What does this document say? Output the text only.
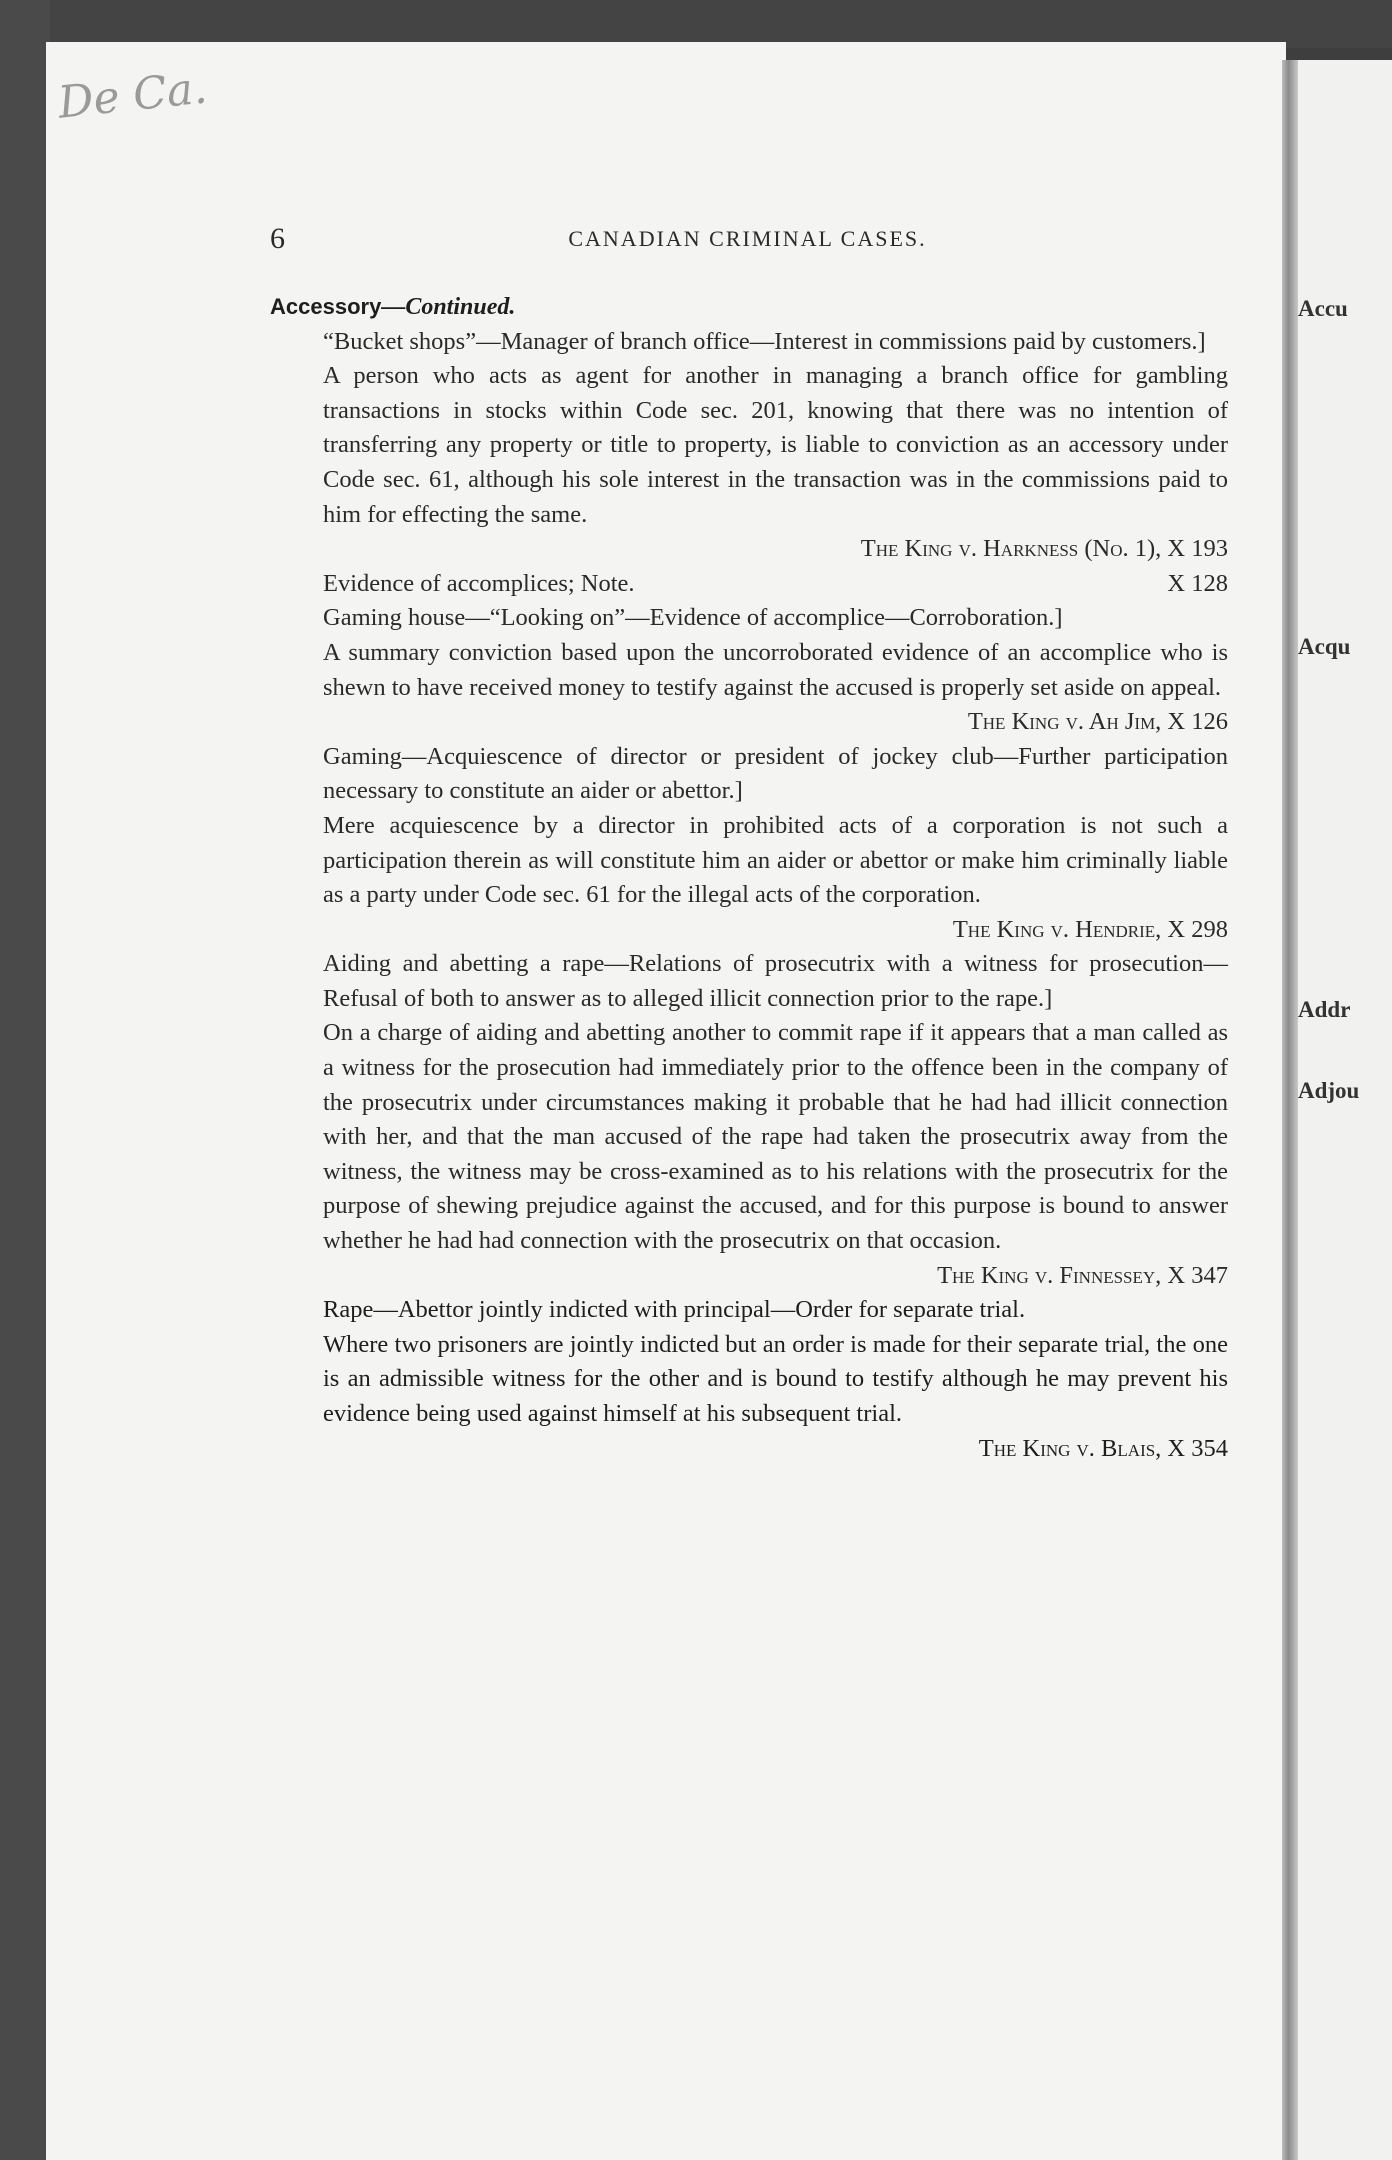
De Ca.
Accu
Acqu
Addr
Adjou
6	CANADIAN CRIMINAL CASES.
Accessory—Continued.
“Bucket shops”—Manager of branch office—Interest in commissions paid by customers.]
A person who acts as agent for another in managing a branch office for gambling transactions in stocks within Code sec. 201, knowing that there was no intention of transferring any property or title to property, is liable to conviction as an accessory under Code sec. 61, although his sole interest in the transaction was in the commissions paid to him for effecting the same.
The King v. Harkness (No. 1), X 193
Evidence of accomplices; Note.	X 128
Gaming house—“Looking on”—Evidence of accomplice—Corroboration.]
A summary conviction based upon the uncorroborated evidence of an accomplice who is shewn to have received money to testify against the accused is properly set aside on appeal.
The King v. Ah Jim, X 126
Gaming—Acquiescence of director or president of jockey club—Further participation necessary to constitute an aider or abettor.]
Mere acquiescence by a director in prohibited acts of a corporation is not such a participation therein as will constitute him an aider or abettor or make him criminally liable as a party under Code sec. 61 for the illegal acts of the corporation.
The King v. Hendrie, X 298
Aiding and abetting a rape—Relations of prosecutrix with a witness for prosecution—Refusal of both to answer as to alleged illicit connection prior to the rape.]
On a charge of aiding and abetting another to commit rape if it appears that a man called as a witness for the prosecution had immediately prior to the offence been in the company of the prosecutrix under circumstances making it probable that he had had illicit connection with her, and that the man accused of the rape had taken the prosecutrix away from the witness, the witness may be cross-examined as to his relations with the prosecutrix for the purpose of shewing prejudice against the accused, and for this purpose is bound to answer whether he had had connection with the prosecutrix on that occasion.
The King v. Finnessey, X 347
Rape—Abettor jointly indicted with principal—Order for separate trial.
Where two prisoners are jointly indicted but an order is made for their separate trial, the one is an admissible witness for the other and is bound to testify although he may prevent his evidence being used against himself at his subsequent trial.
The King v. Blais, X 354
